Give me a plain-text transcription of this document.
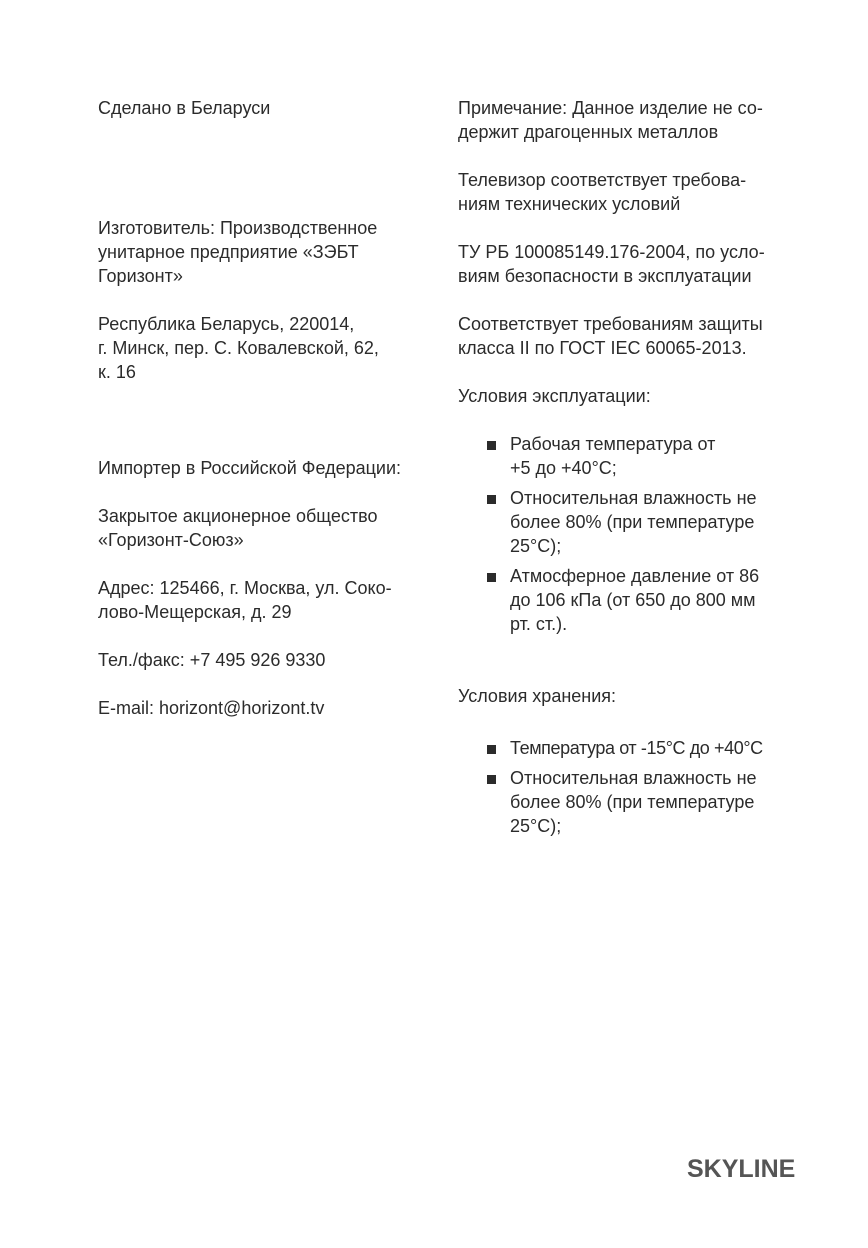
Сделано в Беларуси

Изготовитель: Производственное
унитарное предприятие «ЗЭБТ
Горизонт»

Республика Беларусь, 220014,
г. Минск, пер. С. Ковалевской, 62,
к. 16

Импортер в Российской Федерации:

Закрытое акционерное общество
«Горизонт-Союз»

Адрес: 125466, г. Москва, ул. Соко-
лово-Мещерская, д. 29

Тел./факс: +7 495 926 9330

E-mail: horizont@horizont.tv

Примечание: Данное изделие не со-
держит драгоценных металлов

Телевизор соответствует требова-
ниям технических условий

ТУ РБ 100085149.176-2004, по усло-
виям безопасности в эксплуатации

Соответствует требованиям защиты
класса II по ГОСТ IEC 60065-2013.

Условия эксплуатации:

Рабочая температура от
+5 до +40°С;
Относительная влажность не
более 80% (при температуре
25°С);
Атмосферное давление от 86
до 106 кПа (от 650 до 800 мм
рт. ст.).

Условия хранения:

Температура от -15°С до +40°С
Относительная влажность не
более 80% (при температуре
25°С);
SKYLINE
